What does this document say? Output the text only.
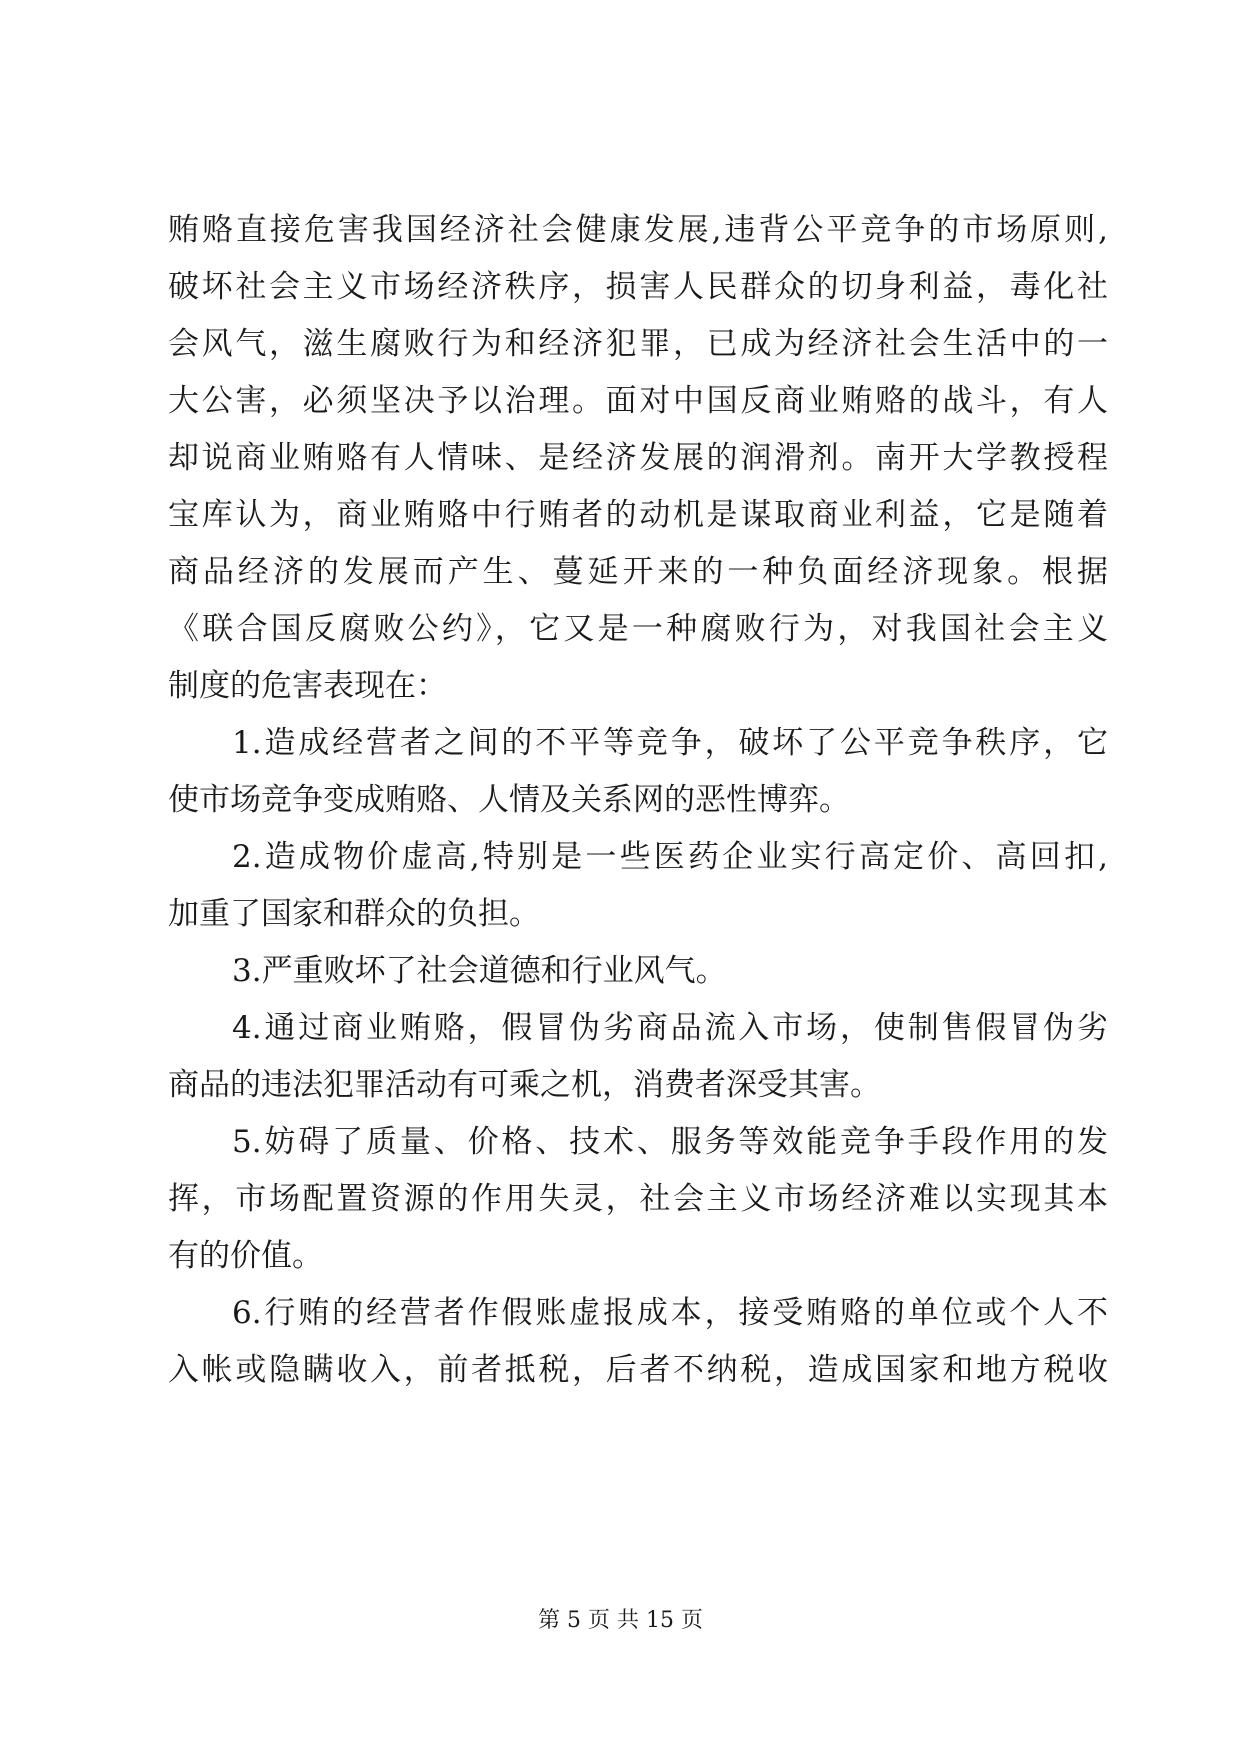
贿赂直接危害我国经济社会健康发展,违背公平竞争的市场原则,
破坏社会主义市场经济秩序，损害人民群众的切身利益，毒化社
会风气，滋生腐败行为和经济犯罪，已成为经济社会生活中的一
大公害，必须坚决予以治理。面对中国反商业贿赂的战斗，有人
却说商业贿赂有人情味、是经济发展的润滑剂。南开大学教授程
宝库认为，商业贿赂中行贿者的动机是谋取商业利益，它是随着
商品经济的发展而产生、蔓延开来的一种负面经济现象。根据
《联合国反腐败公约》，它又是一种腐败行为，对我国社会主义
制度的危害表现在：
1.造成经营者之间的不平等竞争，破坏了公平竞争秩序，它
使市场竞争变成贿赂、人情及关系网的恶性博弈。
2.造成物价虚高,特别是一些医药企业实行高定价、高回扣,
加重了国家和群众的负担。
3.严重败坏了社会道德和行业风气。
4.通过商业贿赂，假冒伪劣商品流入市场，使制售假冒伪劣
商品的违法犯罪活动有可乘之机，消费者深受其害。
5.妨碍了质量、价格、技术、服务等效能竞争手段作用的发
挥，市场配置资源的作用失灵，社会主义市场经济难以实现其本
有的价值。
6.行贿的经营者作假账虚报成本，接受贿赂的单位或个人不
入帐或隐瞒收入，前者抵税，后者不纳税，造成国家和地方税收
第 5 页 共 15 页
